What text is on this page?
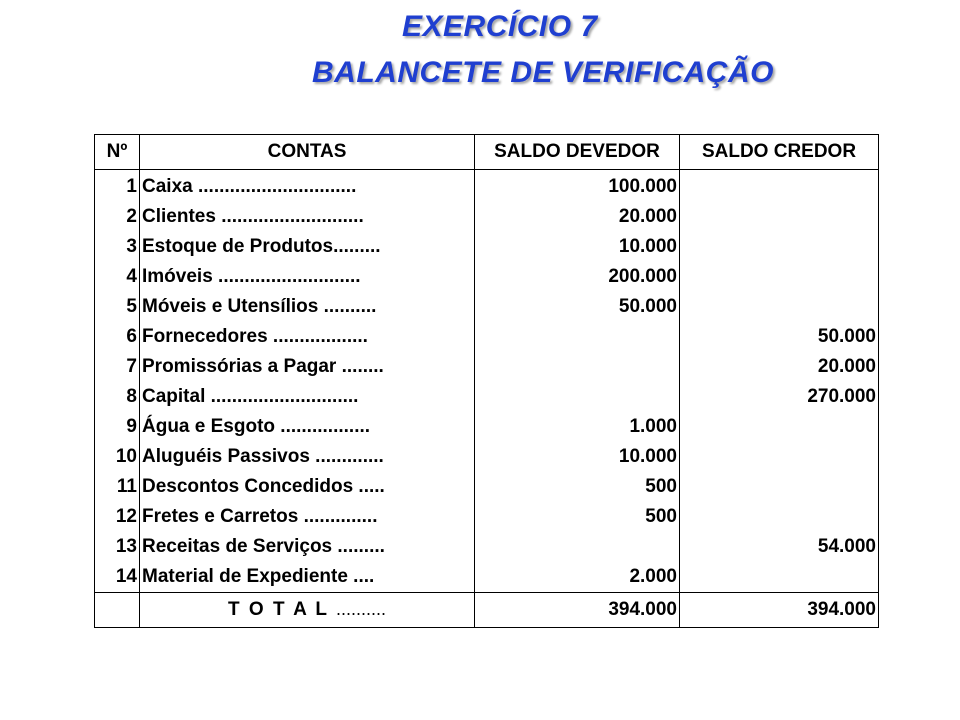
EXERCÍCIO 7
BALANCETE DE VERIFICAÇÃO
Nº	CONTAS	SALDO DEVEDOR	SALDO CREDOR
1	Caixa ..............................	100.000	
2	Clientes ...........................	20.000	
3	Estoque de Produtos.........	10.000	
4	Imóveis ...........................	200.000	
5	Móveis e Utensílios ..........	50.000	
6	Fornecedores ..................		50.000
7	Promissórias a Pagar ........		20.000
8	Capital ............................		270.000
9	Água e Esgoto .................	1.000	
10	Aluguéis Passivos .............	10.000	
11	Descontos Concedidos .....	500	
12	Fretes e Carretos ..............	500	
13	Receitas de Serviços .........		54.000
14	Material de Expediente ....	2.000	
	T O T A L ..........	394.000	394.000
